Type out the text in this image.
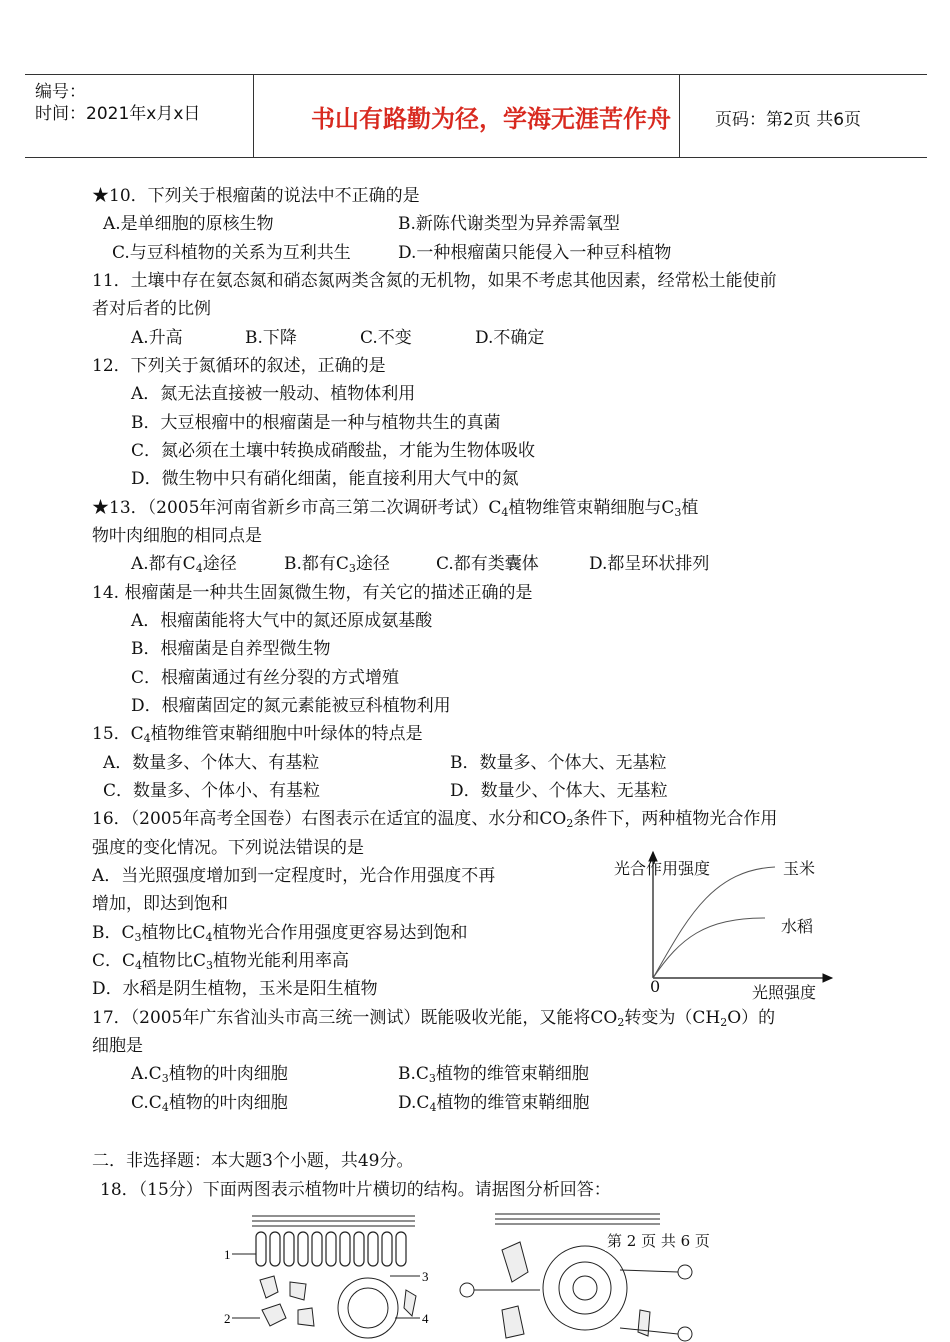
编号：
时间：2021年x月x日	书山有路勤为径，学海无涯苦作舟	页码：第2页 共6页
★10．下列关于根瘤菌的说法中不正确的是
A.是单细胞的原核生物	B.新陈代谢类型为异养需氧型
C.与豆科植物的关系为互利共生	D.一种根瘤菌只能侵入一种豆科植物
11．土壤中存在氨态氮和硝态氮两类含氮的无机物，如果不考虑其他因素，经常松土能使前
者对后者的比例
A.升高	B.下降	C.不变	D.不确定
12．下列关于氮循环的叙述，正确的是
A．氮无法直接被一般动、植物体利用
B．大豆根瘤中的根瘤菌是一种与植物共生的真菌
C．氮必须在土壤中转换成硝酸盐，才能为生物体吸收
D．微生物中只有硝化细菌，能直接利用大气中的氮
★13．（2005年河南省新乡市高三第二次调研考试）$C_4$植物维管束鞘细胞与$C_3$植
物叶肉细胞的相同点是
A.都有$C_4$途径	B.都有$C_3$途径	C.都有类囊体	D.都呈环状排列
14. 根瘤菌是一种共生固氮微生物，有关它的描述正确的是
A．根瘤菌能将大气中的氮还原成氨基酸
B．根瘤菌是自养型微生物
C．根瘤菌通过有丝分裂的方式增殖
D．根瘤菌固定的氮元素能被豆科植物利用
15．$C_4$植物维管束鞘细胞中叶绿体的特点是
A．数量多、个体大、有基粒	B．数量多、个体大、无基粒
C．数量多、个体小、有基粒	D．数量少、个体大、无基粒
16．（2005年高考全国卷）右图表示在适宜的温度、水分和$CO_2$条件下，两种植物光合作用
强度的变化情况。下列说法错误的是
A．当光照强度增加到一定程度时，光合作用强度不再
增加，即达到饱和
B．$C_3$植物比$C_4$植物光合作用强度更容易达到饱和
C．$C_4$植物比$C_3$植物光能利用率高
D．水稻是阴生植物，玉米是阳生植物
光合作用强度	玉米
水稻
0	光照强度
17．（2005年广东省汕头市高三统一测试）既能吸收光能，又能将$CO_2$转变为$(CH_2O)$的
细胞是
$A.C_3$植物的叶肉细胞	$B.C_3$植物的维管束鞘细胞
$C.C_4$植物的叶肉细胞	$D.C_4$植物的维管束鞘细胞
二．非选择题：本大题3个小题，共49分。
18．（15分）下面两图表示植物叶片横切的结构。请据图分析回答：
1
2
3
4
第 2 页 共 6 页
